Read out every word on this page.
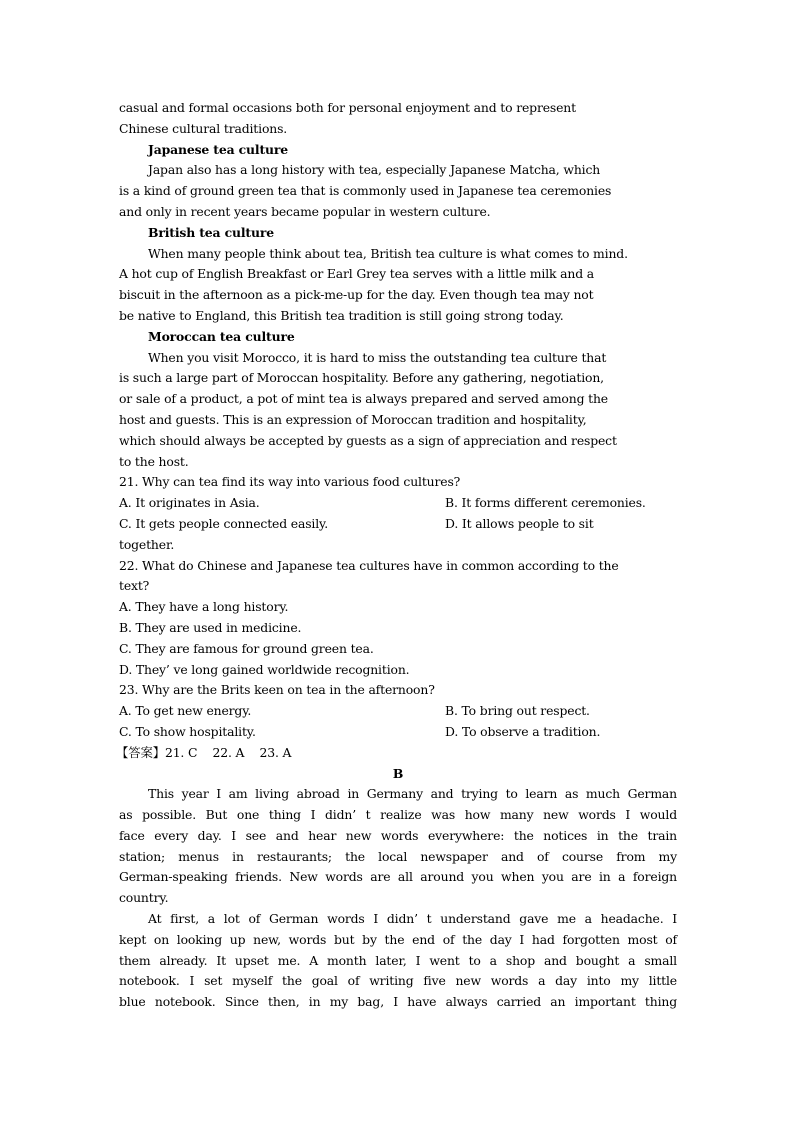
casual and formal occasions both for personal enjoyment and to represent
Chinese cultural traditions.
Japanese tea culture
Japan also has a long history with tea, especially Japanese Matcha, which
is a kind of ground green tea that is commonly used in Japanese tea ceremonies
and only in recent years became popular in western culture.
British tea culture
When many people think about tea, British tea culture is what comes to mind.
A hot cup of English Breakfast or Earl Grey tea serves with a little milk and a
biscuit in the afternoon as a pick-me-up for the day. Even though tea may not
be native to England, this British tea tradition is still going strong today.
Moroccan tea culture
When you visit Morocco, it is hard to miss the outstanding tea culture that
is such a large part of Moroccan hospitality. Before any gathering, negotiation,
or sale of a product, a pot of mint tea is always prepared and served among the
host and guests. This is an expression of Moroccan tradition and hospitality,
which should always be accepted by guests as a sign of appreciation and respect
to the host.
21. Why can tea find its way into various food cultures?
A. It originates in Asia.	B. It forms different ceremonies.
C. It gets people connected easily.	D. It allows people to sit
together.
22. What do Chinese and Japanese tea cultures have in common according to the
text?
A. They have a long history.
B. They are used in medicine.
C. They are famous for ground green tea.
D. They’ ve long gained worldwide recognition.
23. Why are the Brits keen on tea in the afternoon?
A. To get new energy.	B. To bring out respect.
C. To show hospitality.	D. To observe a tradition.
【答案】21. C    22. A    23. A
B
This year I am living abroad in Germany and trying to learn as much German
as possible. But one thing I didn’ t realize was how many new words I would
face every day. I see and hear new words everywhere: the notices in the train
station; menus in restaurants; the local newspaper and of course from my
German-speaking friends. New words are all around you when you are in a foreign
country.
At first, a lot of German words I didn’ t understand gave me a headache. I
kept on looking up new, words but by the end of the day I had forgotten most of
them already. It upset me. A month later, I went to a shop and bought a small
notebook. I set myself the goal of writing five new words a day into my little
blue notebook. Since then, in my bag, I have always carried an important thing
